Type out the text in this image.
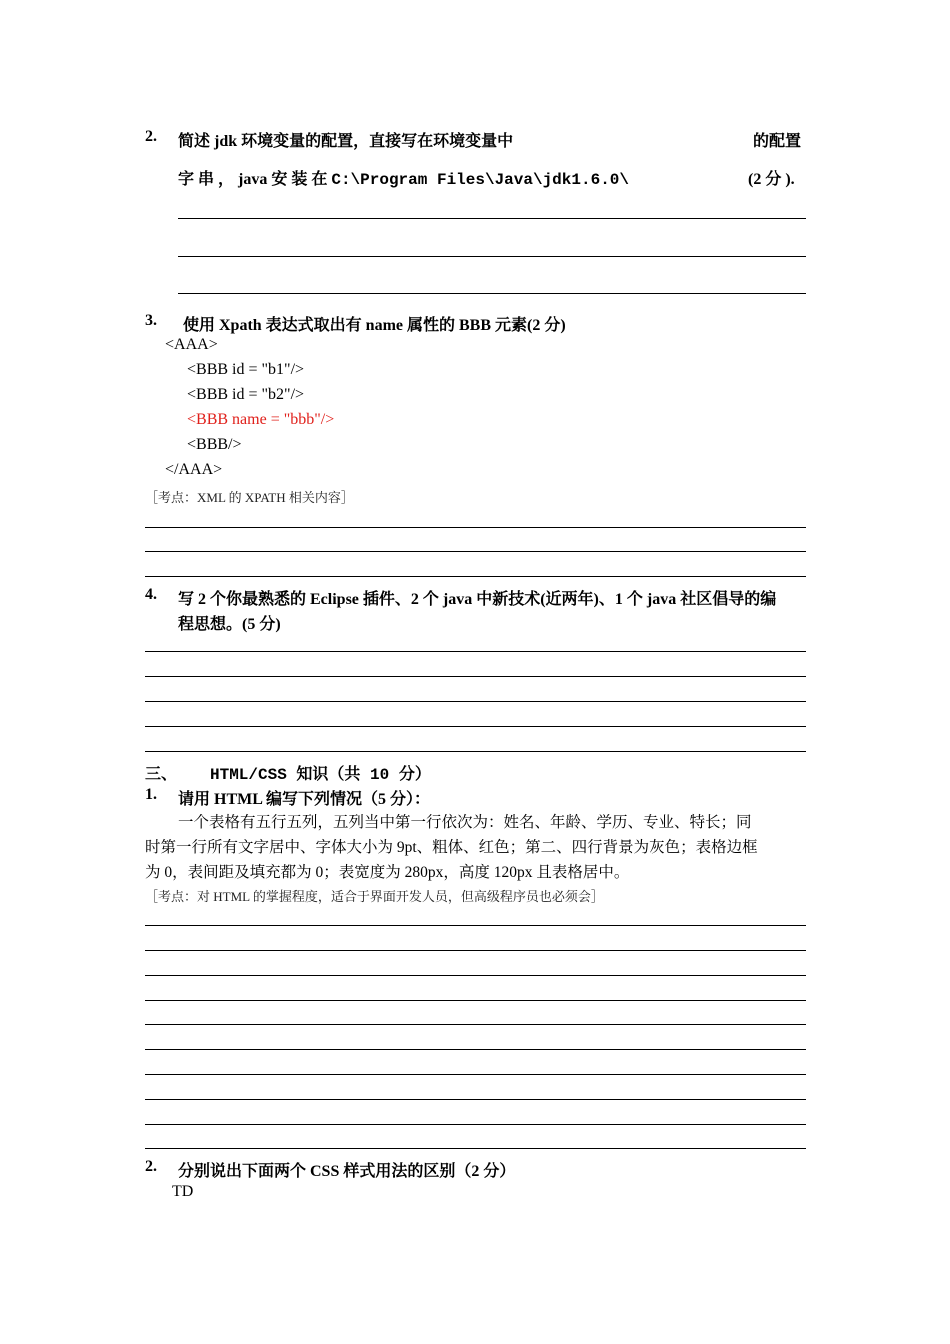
2. 简述 jdk 环境变量的配置，直接写在环境变量中	的配置
字 串 ， java 安 装 在 C:\Program Files\Java\jdk1.6.0\	(2 分 ).
3. 使用 Xpath 表达式取出有 name 属性的 BBB 元素(2 分)
<AAA>
<BBB id = "b1"/>
<BBB id = "b2"/>
<BBB name = "bbb"/>
<BBB/>
</AAA>
［考点：XML 的 XPATH 相关内容］
4. 写 2 个你最熟悉的 Eclipse 插件、2 个 java 中新技术(近两年)、1 个 java 社区倡导的编
程思想。(5 分)
三、 HTML/CSS 知识（共 10 分）
1. 请用 HTML 编写下列情况（5 分）：
一个表格有五行五列，五列当中第一行依次为：姓名、年龄、学历、专业、特长；同
时第一行所有文字居中、字体大小为 9pt、粗体、红色；第二、四行背景为灰色；表格边框
为 0，表间距及填充都为 0；表宽度为 280px，高度 120px 且表格居中。
［考点：对 HTML 的掌握程度，适合于界面开发人员，但高级程序员也必须会］
2. 分别说出下面两个 CSS 样式用法的区别（2 分）
TD
